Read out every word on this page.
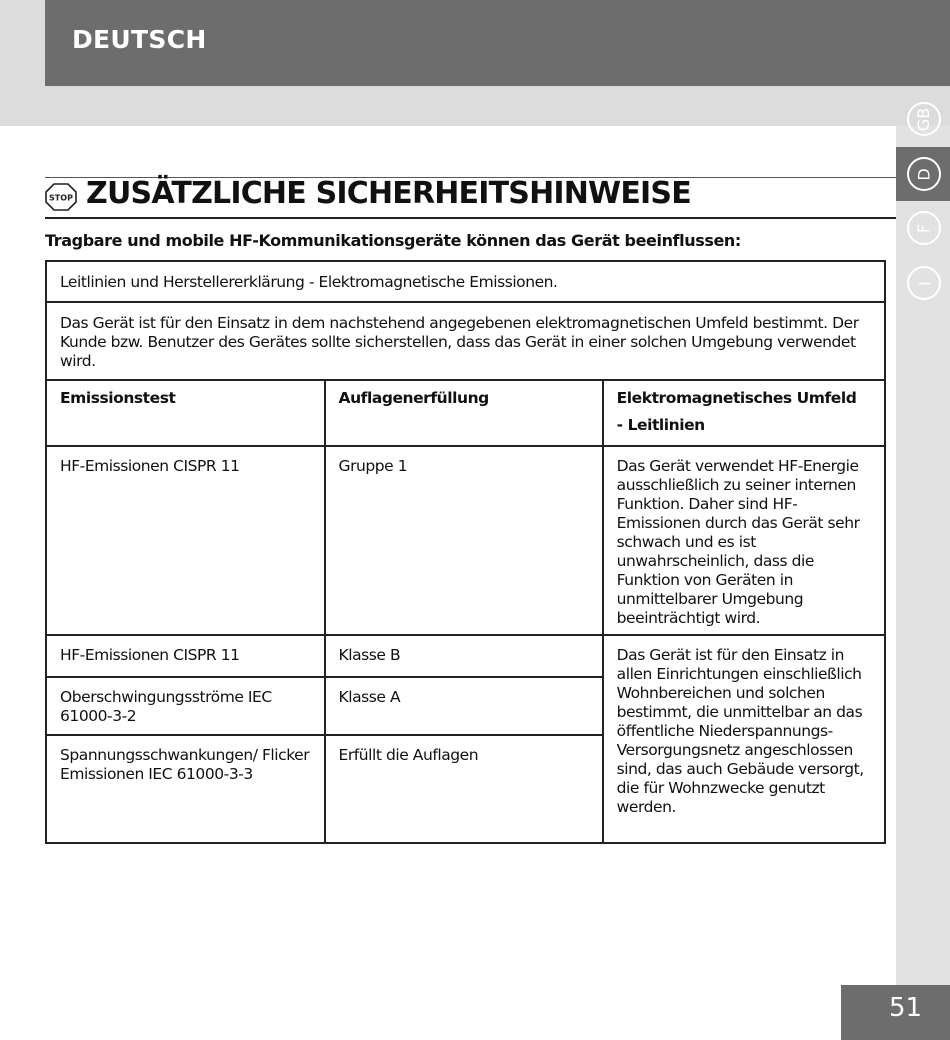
DEUTSCH
GB
D
F
I
STOP ZUSÄTZLICHE SICHERHEITSHINWEISE
Tragbare und mobile HF-Kommunikationsgeräte können das Gerät beeinflussen:
Leitlinien und Herstellererklärung - Elektromagnetische Emissionen.		
Das Gerät ist für den Einsatz in dem nachstehend angegebenen elektromagnetischen Umfeld bestimmt. Der Kunde bzw. Benutzer des Gerätes sollte sicherstellen, dass das Gerät in einer solchen Umgebung verwendet wird.		
Emissionstest	Auflagenerfüllung	Elektromagnetisches Umfeld
- Leitlinien

HF-Emissionen CISPR 11	Gruppe 1	Das Gerät verwendet HF-Energie ausschließlich zu seiner internen Funktion. Daher sind HF-Emissionen durch das Gerät sehr schwach und es ist unwahrscheinlich, dass die Funktion von Geräten in unmittelbarer Umgebung beeinträchtigt wird.
HF-Emissionen CISPR 11	Klasse B	Das Gerät ist für den Einsatz in allen Einrichtungen einschließlich Wohnbereichen und solchen bestimmt, die unmittelbar an das öffentliche Niederspannungs-Versorgungsnetz angeschlossen sind, das auch Gebäude versorgt, die für Wohnzwecke genutzt werden.
Oberschwingungsströme IEC 61000-3-2	Klasse A	
Spannungsschwankungen/ Flicker Emissionen IEC 61000-3-3	Erfüllt die Auflagen	
51
